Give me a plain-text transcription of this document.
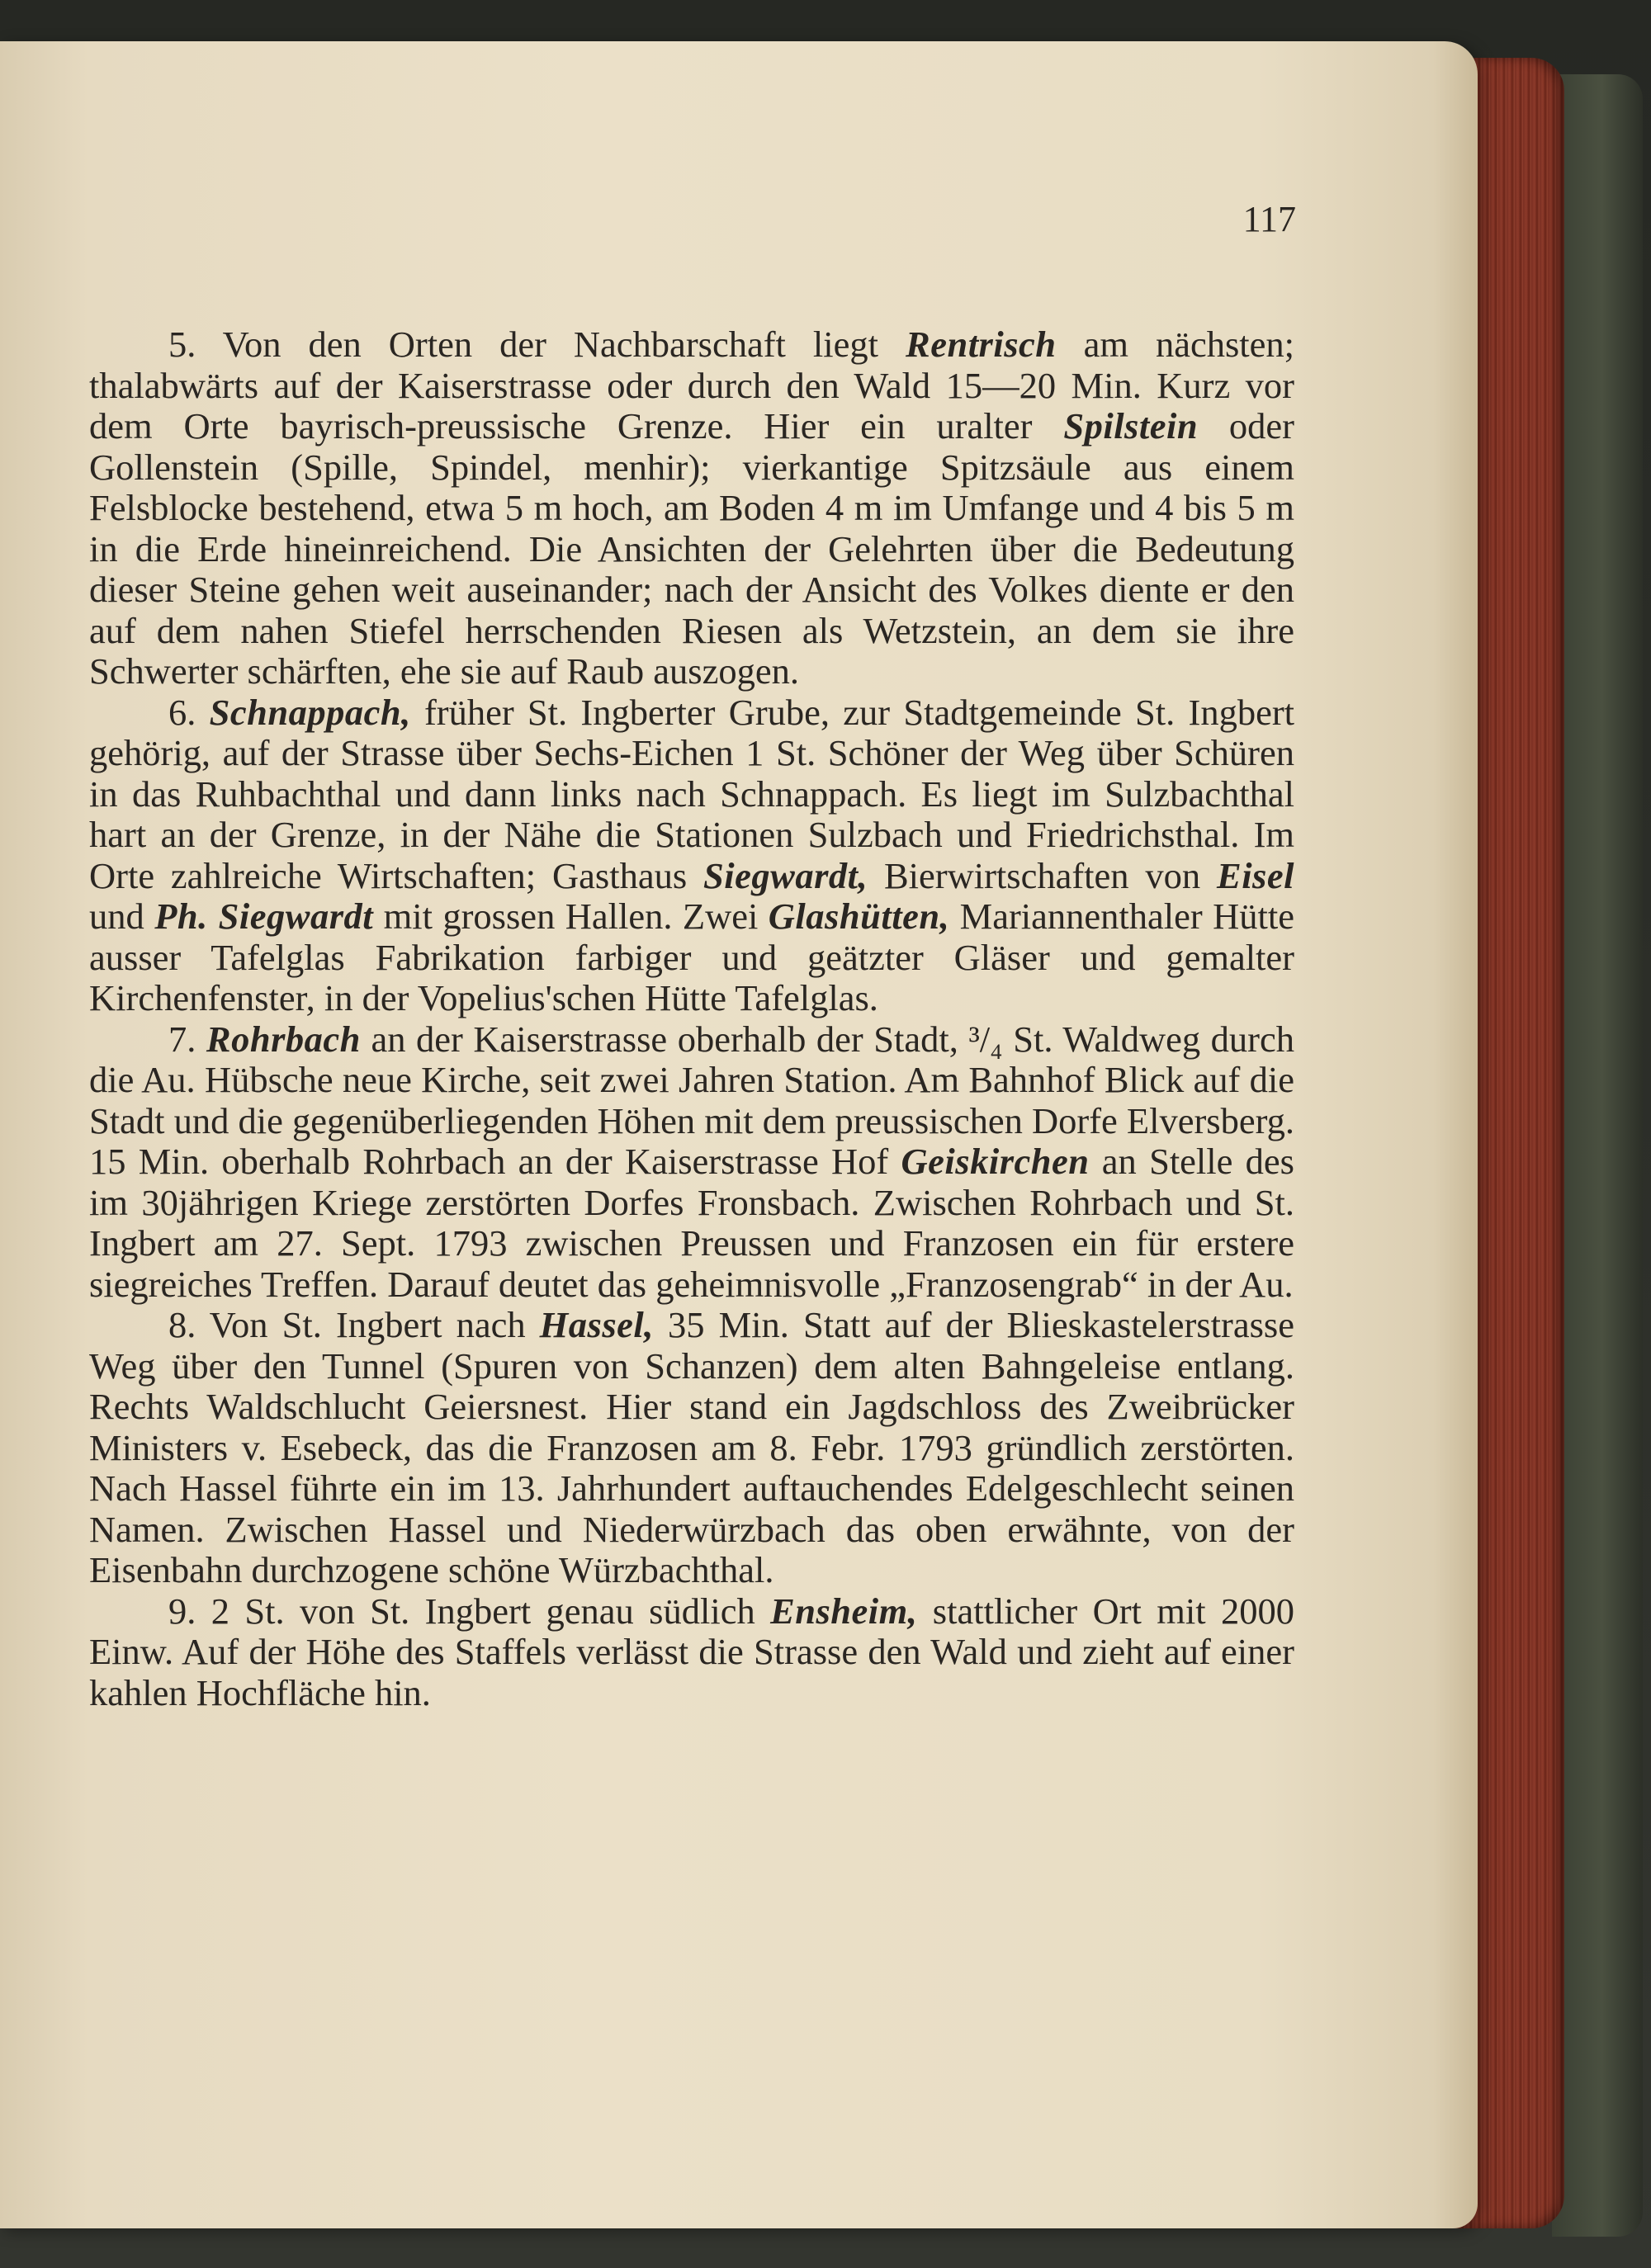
117

5. Von den Orten der Nachbarschaft liegt Rentrisch am nächsten; thalabwärts auf der Kaiserstrasse oder durch den Wald 15—20 Min. Kurz vor dem Orte bayrisch-preussische Grenze. Hier ein uralter Spilstein oder Gollenstein (Spille, Spindel, menhir); vierkantige Spitzsäule aus einem Felsblocke bestehend, etwa 5 m hoch, am Boden 4 m im Umfange und 4 bis 5 m in die Erde hineinreichend. Die Ansichten der Gelehrten über die Bedeutung dieser Steine gehen weit auseinander; nach der Ansicht des Volkes diente er den auf dem nahen Stiefel herrschenden Riesen als Wetzstein, an dem sie ihre Schwerter schärften, ehe sie auf Raub auszogen.

6. Schnappach, früher St. Ingberter Grube, zur Stadtgemeinde St. Ingbert gehörig, auf der Strasse über Sechs-Eichen 1 St. Schöner der Weg über Schüren in das Ruhbachthal und dann links nach Schnappach. Es liegt im Sulzbachthal hart an der Grenze, in der Nähe die Stationen Sulzbach und Friedrichsthal. Im Orte zahlreiche Wirtschaften; Gasthaus Siegwardt, Bierwirtschaften von Eisel und Ph. Siegwardt mit grossen Hallen. Zwei Glashütten, Mariannenthaler Hütte ausser Tafelglas Fabrikation farbiger und geätzter Gläser und gemalter Kirchenfenster, in der Vopelius'schen Hütte Tafelglas.

7. Rohrbach an der Kaiserstrasse oberhalb der Stadt, ³/₄ St. Waldweg durch die Au. Hübsche neue Kirche, seit zwei Jahren Station. Am Bahnhof Blick auf die Stadt und die gegenüberliegenden Höhen mit dem preussischen Dorfe Elversberg. 15 Min. oberhalb Rohrbach an der Kaiserstrasse Hof Geiskirchen an Stelle des im 30jährigen Kriege zerstörten Dorfes Fronsbach. Zwischen Rohrbach und St. Ingbert am 27. Sept. 1793 zwischen Preussen und Franzosen ein für erstere siegreiches Treffen. Darauf deutet das geheimnisvolle „Franzosengrab“ in der Au.

8. Von St. Ingbert nach Hassel, 35 Min. Statt auf der Blieskastelerstrasse Weg über den Tunnel (Spuren von Schanzen) dem alten Bahngeleise entlang. Rechts Waldschlucht Geiersnest. Hier stand ein Jagdschloss des Zweibrücker Ministers v. Esebeck, das die Franzosen am 8. Febr. 1793 gründlich zerstörten. Nach Hassel führte ein im 13. Jahrhundert auftauchendes Edelgeschlecht seinen Namen. Zwischen Hassel und Niederwürzbach das oben erwähnte, von der Eisenbahn durchzogene schöne Würzbachthal.

9. 2 St. von St. Ingbert genau südlich Ensheim, stattlicher Ort mit 2000 Einw. Auf der Höhe des Staffels verlässt die Strasse den Wald und zieht auf einer kahlen Hochfläche hin.
